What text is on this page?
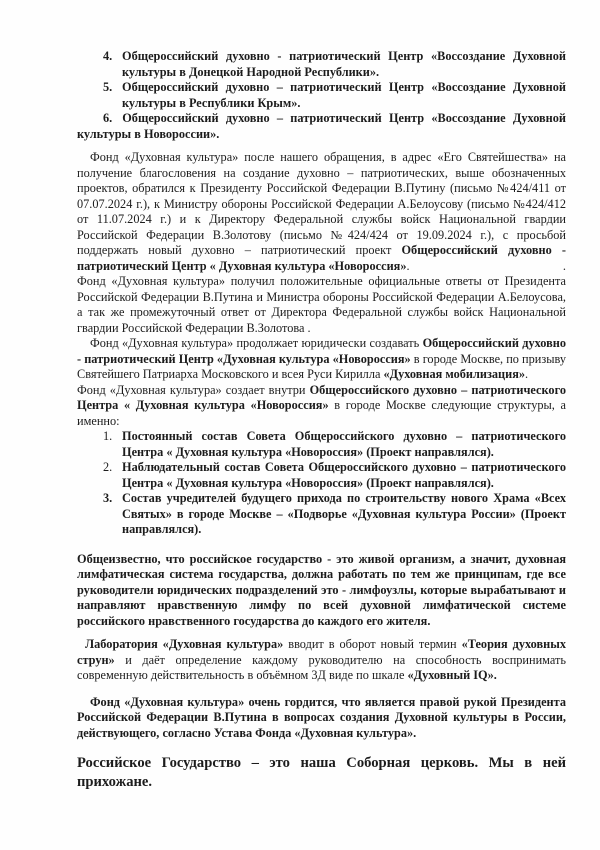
4. Общероссийский духовно - патриотический Центр «Воссоздание Духовной культуры в Донецкой Народной Республики».
5. Общероссийский духовно – патриотический Центр «Воссоздание Духовной культуры в Республики Крым».
6. Общероссийский духовно – патриотический Центр «Воссоздание Духовной культуры в Новороссии».

Фонд «Духовная культура» после нашего обращения, в адрес «Его Святейшества» на получение благословения на создание духовно – патриотических, выше обозначенных проектов, обратился к Президенту Российской Федерации В.Путину (письмо №424/411 от 07.07.2024 г.), к Министру обороны Российской Федерации А.Белоусову (письмо №424/412 от 11.07.2024 г.) и к Директору Федеральной службы войск Национальной гвардии Российской Федерации В.Золотову (письмо №424/424 от 19.09.2024 г.), с просьбой поддержать новый духовно – патриотический проект Общероссийский духовно - патриотический Центр « Духовная культура «Новороссия».	.

Фонд «Духовная культура» получил положительные официальные ответы от Президента Российской Федерации В.Путина и Министра обороны Российской Федерации А.Белоусова, а так же промежуточный ответ от Директора Федеральной службы войск Национальной гвардии Российской Федерации В.Золотова .

Фонд «Духовная культура» продолжает юридически создавать Общероссийский духовно - патриотический Центр «Духовная культура «Новороссия» в городе Москве, по призыву Святейшего Патриарха Московского и всея Руси Кирилла «Духовная мобилизация».

Фонд «Духовная культура» создает внутри Общероссийского духовно – патриотического Центра « Духовная культура «Новороссия» в городе Москве следующие структуры, а именно:

1. Постоянный состав Совета Общероссийского духовно – патриотического Центра « Духовная культура «Новороссия» (Проект направлялся).
2. Наблюдательный состав Совета Общероссийского духовно – патриотического Центра « Духовная культура «Новороссия» (Проект направлялся).
3. Состав учредителей будущего прихода по строительству нового Храма «Всех Святых» в городе Москве – «Подворье «Духовная культура России» (Проект направлялся).

Общеизвестно, что российское государство - это живой организм, а значит, духовная лимфатическая система государства, должна работать по тем же принципам, где все руководители юридических подразделений это - лимфоузлы, которые вырабатывают и направляют нравственную лимфу по всей духовной лимфатической системе российского нравственного государства до каждого его жителя.

Лаборатория «Духовная культура» вводит в оборот новый термин «Теория духовных струн» и даёт определение каждому руководителю на способность воспринимать современную действительность в объёмном 3Д виде по шкале «Духовный IQ».

Фонд «Духовная культура» очень гордится, что является правой рукой Президента Российской Федерации В.Путина в вопросах создания Духовной культуры в России, действующего, согласно Устава Фонда «Духовная культура».

Российское Государство – это наша Соборная церковь. Мы в ней прихожане.
